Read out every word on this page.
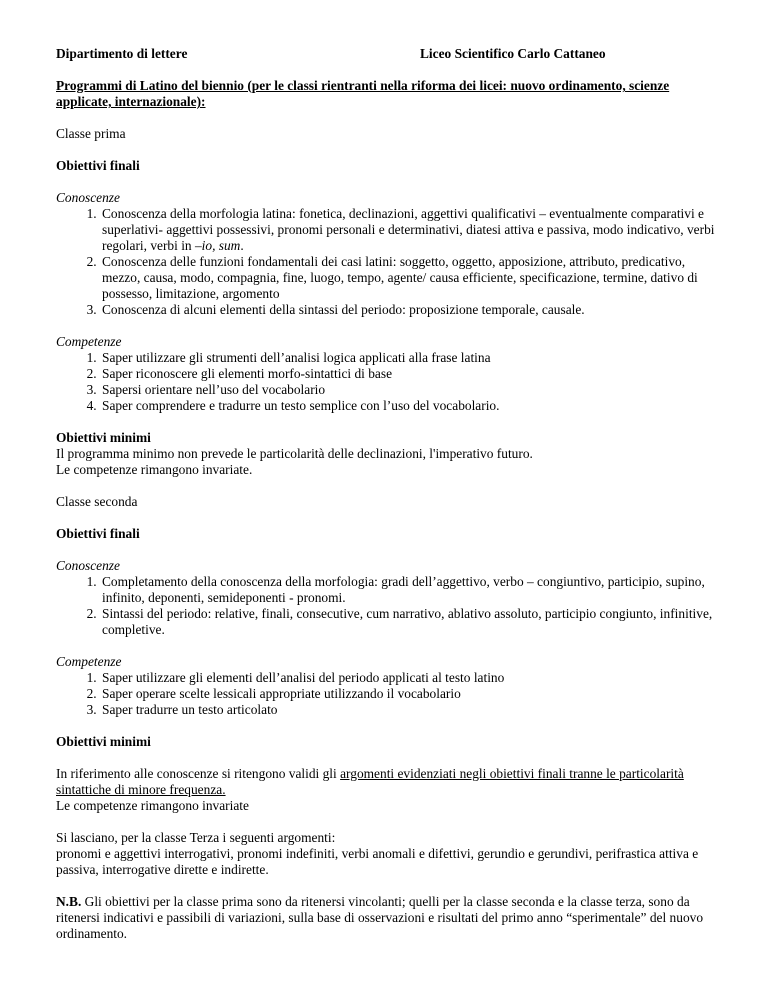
Dipartimento di lettere	Liceo Scientifico Carlo Cattaneo

Programmi di Latino del biennio (per le classi rientranti nella riforma dei licei: nuovo ordinamento, scienze applicate, internazionale):

Classe prima

Obiettivi finali

Conoscenze

1. Conoscenza della morfologia latina: fonetica, declinazioni, aggettivi qualificativi – eventualmente comparativi e superlativi- aggettivi possessivi, pronomi personali e determinativi, diatesi attiva e passiva, modo indicativo, verbi regolari, verbi in –io, sum.
2. Conoscenza delle funzioni fondamentali dei casi latini: soggetto, oggetto, apposizione, attributo, predicativo, mezzo, causa, modo, compagnia, fine, luogo, tempo, agente/ causa efficiente, specificazione, termine, dativo di possesso, limitazione, argomento
3. Conoscenza di alcuni elementi della sintassi del periodo: proposizione temporale, causale.

Competenze

1. Saper utilizzare gli strumenti dell’analisi logica applicati alla frase latina
2. Saper riconoscere gli elementi morfo-sintattici di base
3. Sapersi orientare nell’uso del vocabolario
4. Saper comprendere e tradurre un testo semplice con l’uso del vocabolario.

Obiettivi minimi

Il programma minimo non prevede le particolarità delle declinazioni, l'imperativo futuro.

Le competenze rimangono invariate.

Classe seconda

Obiettivi finali

Conoscenze

1. Completamento della conoscenza della morfologia: gradi dell’aggettivo, verbo – congiuntivo, participio, supino, infinito, deponenti, semideponenti - pronomi.
2. Sintassi del periodo: relative, finali, consecutive, cum narrativo, ablativo assoluto, participio congiunto, infinitive, completive.

Competenze

1. Saper utilizzare gli elementi dell’analisi del periodo applicati al testo latino
2. Saper operare scelte lessicali appropriate utilizzando il vocabolario
3. Saper tradurre un testo articolato

Obiettivi minimi

In riferimento alle conoscenze si ritengono validi gli argomenti evidenziati negli obiettivi finali tranne le particolarità sintattiche di minore frequenza.

Le competenze rimangono invariate

Si lasciano, per la classe Terza i seguenti argomenti:

pronomi e aggettivi interrogativi, pronomi indefiniti, verbi anomali e difettivi, gerundio e gerundivi, perifrastica attiva e passiva, interrogative dirette e indirette.

N.B. Gli obiettivi per la classe prima sono da ritenersi vincolanti; quelli per la classe seconda e la classe terza, sono da ritenersi indicativi e passibili di variazioni, sulla base di osservazioni e risultati del primo anno “sperimentale” del nuovo ordinamento.
